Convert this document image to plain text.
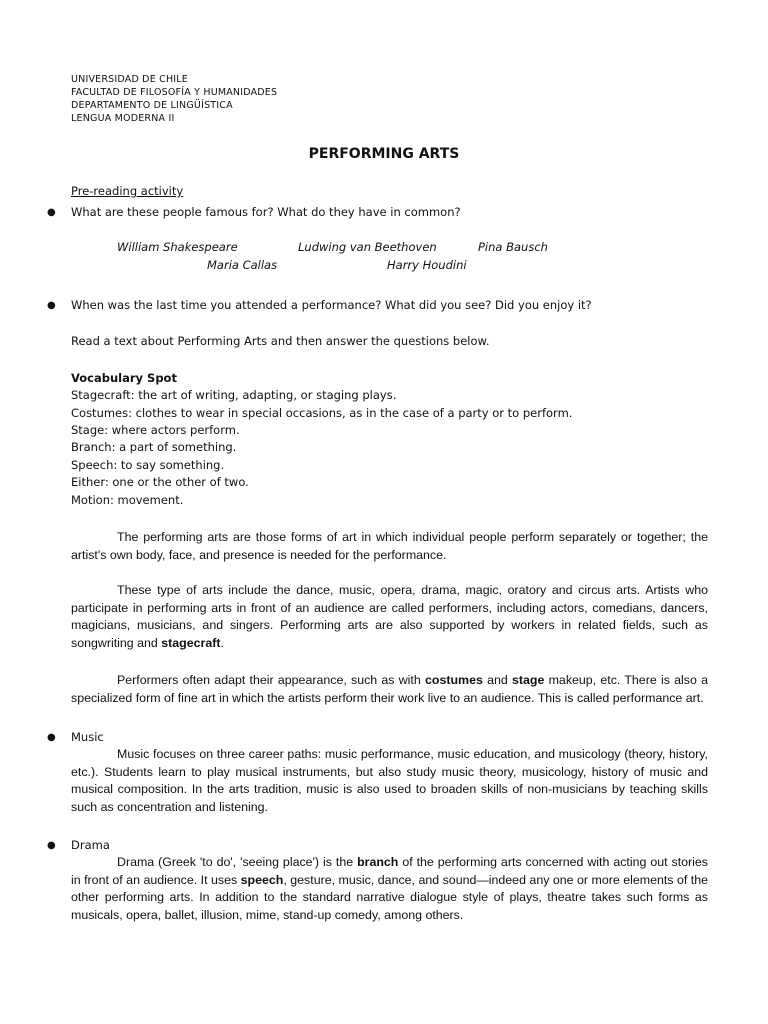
UNIVERSIDAD DE CHILE
FACULTAD DE FILOSOFÍA Y HUMANIDADES
DEPARTAMENTO DE LINGÜÍSTICA
LENGUA MODERNA II
PERFORMING ARTS
Pre-reading activity
● What are these people famous for? What do they have in common?
William Shakespeare	Ludwing van Beethoven	Pina Bausch
Maria Callas	Harry Houdini
● When was the last time you attended a performance? What did you see? Did you enjoy it?
Read a text about Performing Arts and then answer the questions below.
Vocabulary Spot
Stagecraft: the art of writing, adapting, or staging plays.
Costumes: clothes to wear in special occasions, as in the case of a party or to perform.
Stage: where actors perform.
Branch: a part of something.
Speech: to say something.
Either: one or the other of two.
Motion: movement.
The performing arts are those forms of art in which individual people perform separately or together; the artist's own body, face, and presence is needed for the performance.
These type of arts include the dance, music, opera, drama, magic, oratory and circus arts. Artists who participate in performing arts in front of an audience are called performers, including actors, comedians, dancers, magicians, musicians, and singers. Performing arts are also supported by workers in related fields, such as songwriting and stagecraft.
Performers often adapt their appearance, such as with costumes and stage makeup, etc. There is also a specialized form of fine art in which the artists perform their work live to an audience. This is called performance art.
● Music
Music focuses on three career paths: music performance, music education, and musicology (theory, history, etc.). Students learn to play musical instruments, but also study music theory, musicology, history of music and musical composition. In the arts tradition, music is also used to broaden skills of non-musicians by teaching skills such as concentration and listening.
● Drama
Drama (Greek 'to do', 'seeing place') is the branch of the performing arts concerned with acting out stories in front of an audience. It uses speech, gesture, music, dance, and sound—indeed any one or more elements of the other performing arts. In addition to the standard narrative dialogue style of plays, theatre takes such forms as musicals, opera, ballet, illusion, mime, stand-up comedy, among others.
